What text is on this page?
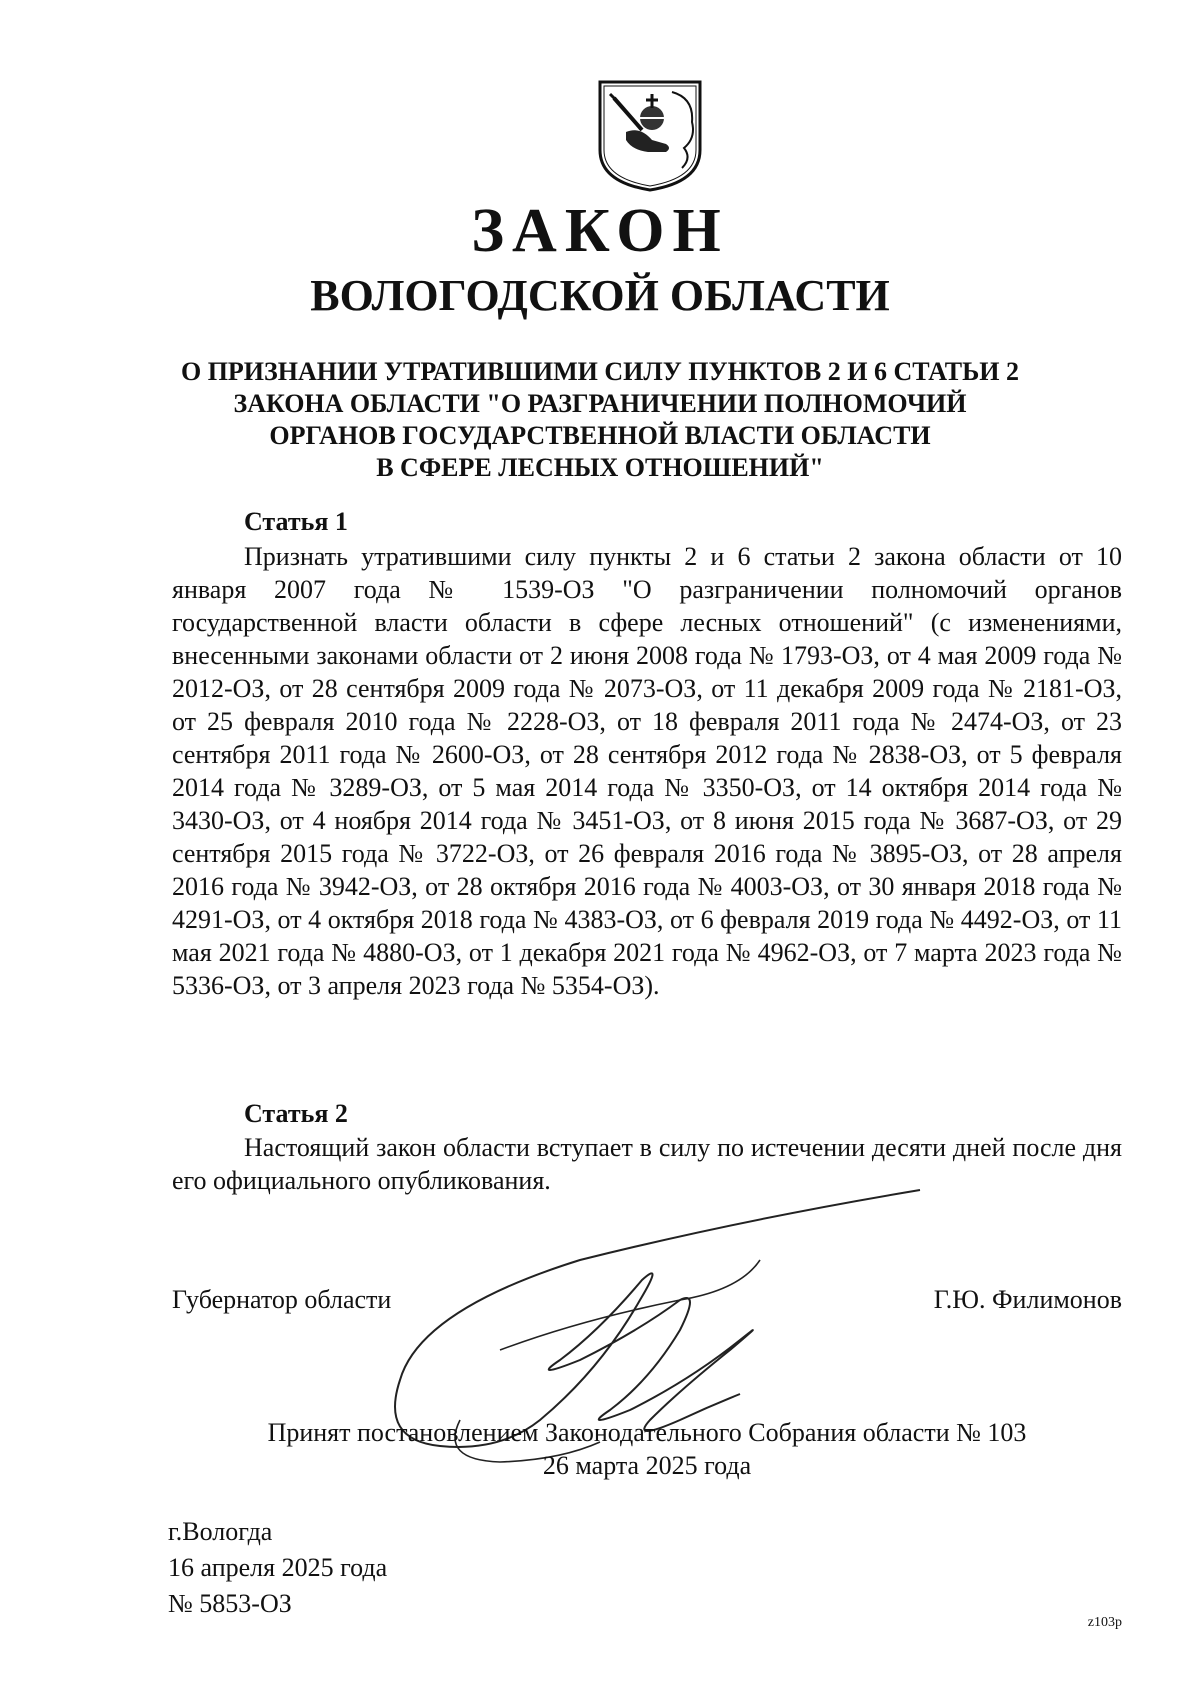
ЗАКОН
ВОЛОГОДСКОЙ ОБЛАСТИ
О ПРИЗНАНИИ УТРАТИВШИМИ СИЛУ ПУНКТОВ 2 И 6 СТАТЬИ 2
ЗАКОНА ОБЛАСТИ "О РАЗГРАНИЧЕНИИ ПОЛНОМОЧИЙ
ОРГАНОВ ГОСУДАРСТВЕННОЙ ВЛАСТИ ОБЛАСТИ
В СФЕРЕ ЛЕСНЫХ ОТНОШЕНИЙ"
Статья 1

Признать утратившими силу пункты 2 и 6 статьи 2 закона области от 10 января 2007 года № 1539-ОЗ "О разграничении полномочий органов государственной власти области в сфере лесных отношений" (с изменениями, внесенными законами области от 2 июня 2008 года № 1793-ОЗ, от 4 мая 2009 года № 2012-ОЗ, от 28 сентября 2009 года № 2073-ОЗ, от 11 декабря 2009 года № 2181-ОЗ, от 25 февраля 2010 года № 2228-ОЗ, от 18 февраля 2011 года № 2474-ОЗ, от 23 сентября 2011 года № 2600-ОЗ, от 28 сентября 2012 года № 2838-ОЗ, от 5 февраля 2014 года № 3289-ОЗ, от 5 мая 2014 года № 3350-ОЗ, от 14 октября 2014 года № 3430-ОЗ, от 4 ноября 2014 года № 3451-ОЗ, от 8 июня 2015 года № 3687-ОЗ, от 29 сентября 2015 года № 3722-ОЗ, от 26 февраля 2016 года № 3895-ОЗ, от 28 апреля 2016 года № 3942-ОЗ, от 28 октября 2016 года № 4003-ОЗ, от 30 января 2018 года № 4291-ОЗ, от 4 октября 2018 года № 4383-ОЗ, от 6 февраля 2019 года № 4492-ОЗ, от 11 мая 2021 года № 4880-ОЗ, от 1 декабря 2021 года № 4962-ОЗ, от 7 марта 2023 года № 5336-ОЗ, от 3 апреля 2023 года № 5354-ОЗ).

Статья 2

Настоящий закон области вступает в силу по истечении десяти дней после дня его официального опубликования.

Губернатор области	Г.Ю. Филимонов
Принят постановлением Законодательного Собрания области № 103
26 марта 2025 года
г.Вологда
16 апреля 2025 года
№ 5853-ОЗ
z103p
